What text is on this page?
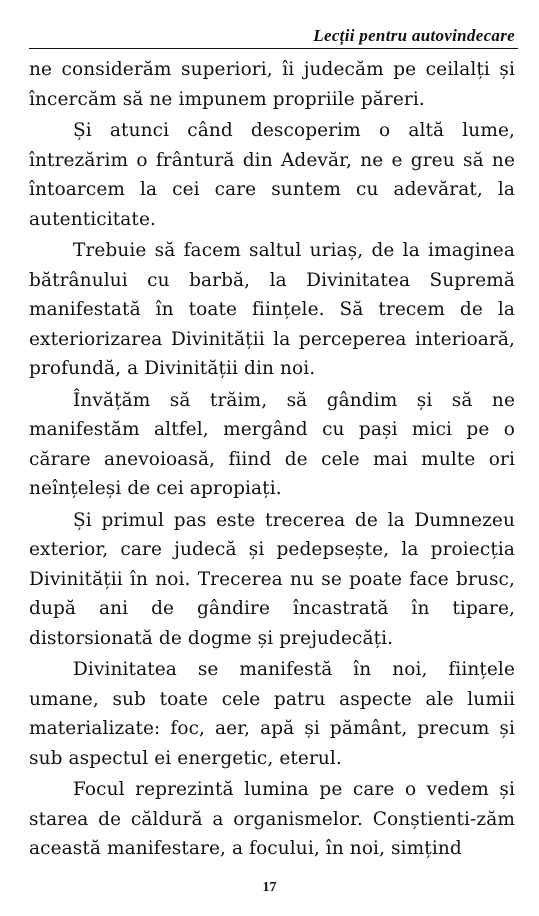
Lecții pentru autovindecare

ne considerăm superiori, îi judecăm pe ceilalți și încercăm să ne impunem propriile păreri.

Și atunci când descoperim o altă lume, întrezărim o frântură din Adevăr, ne e greu să ne întoarcem la cei care suntem cu adevărat, la autenticitate.

Trebuie să facem saltul uriaș, de la imaginea bătrânului cu barbă, la Divinitatea Supremă manifestată în toate ființele. Să trecem de la exteriorizarea Divinității la perceperea interioară, profundă, a Divinității din noi.

Învățăm să trăim, să gândim și să ne manifestăm altfel, mergând cu pași mici pe o cărare anevoioasă, fiind de cele mai multe ori neînțeleși de cei apropiați.

Și primul pas este trecerea de la Dumnezeu exterior, care judecă și pedepsește, la proiecția Divinității în noi. Trecerea nu se poate face brusc, după ani de gândire încastrată în tipare, distorsionată de dogme și prejudecăți.

Divinitatea se manifestă în noi, ființele umane, sub toate cele patru aspecte ale lumii materializate: foc, aer, apă și pământ, precum și sub aspectul ei energetic, eterul.

Focul reprezintă lumina pe care o vedem și starea de căldură a organismelor. Conștienti-zăm această manifestare, a focului, în noi, simțind

17
